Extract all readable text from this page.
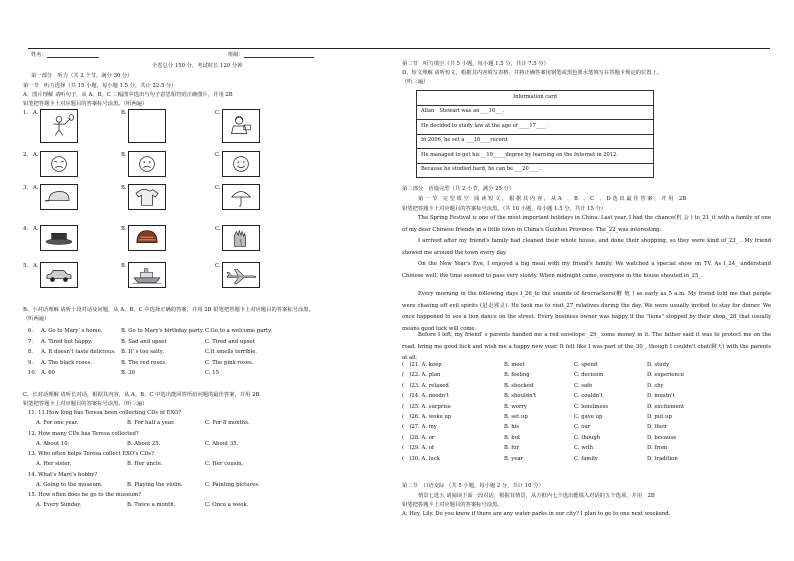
姓名：	班级：
全卷总分 150 分，考试时长 120 分钟
第一部分　听力（共 2 个节，满分 30 分）
第一节　听力选择（共 15 小题，每小题 1.5 分，共计 22.5 分）
A、图片理解 请听句子，从 A、B、C 三幅图中选出与句子意思相符的正确图片，并用 2B
铅笔把答题卡上对应题目的答案标号涂黑。（听两遍）
1. A.	B.	C.
2. A.	B.	C.
3. A.	B.	C.
4. A.	B.	C.
5. A.	B.	C.
B、小对话理解 请听十段对话及问题，从 A、B、C 中选择正确的答案，并用 2B 铅笔把答题卡上对应题目的答案标号涂黑。
（听两遍）
6. A. Go to Mary' s home.	B. Go to Mary's birthday party. C.Go to a welcome party.
7. A. Tired but happy.	B. Sad and upset	C. Tired and upset
8. A. It doesn't taste delicious. B. It' s too salty.	C.It smells terrible.
9. A. The black roses.	B. The red roses.	C. The pink roses.
10. A. 60	B. 30	C. 15
C、长对话理解 请听长对话，根据其内容，从 A、B、C 中选出能回答所给问题的最佳答案，并用 2B
铅笔把答题卡上对应题目的答案标号涂黑。（听三遍）
11. 11.How long has Teresa been collecting CDs of EXO?
A. For one year.	B. For half a year.	C. For 8 months.
12. How many CDs has Teresa collected?
A. About 10.	B. About 25.	C. About 35.
13. Who often helps Teresa collect EXO's CDs?
A. Her sister.	B. Her uncle.	C. Her cousin.
14. What's Marc's hobby?
A. Going to the museum.	B. Playing the violin.	C. Painting pictures.
15. How often does he go to the museum?
A. Every Sunday.	B. Twice a month.	C. Once a week.
第二节　听力填空（共 5 小题，每小题 1.5 分，共计 7.5 分）
D、短文理解 请听短文，根据其内容填写表格，并将正确答案用钢笔或黑色墨水笔填写在答题卡规定的位置上。
（听三遍）
Information card
Allan　Stewart was an ___16___.
He decided to study law at the age of ____17____.
In 2006, he set a ___18____record
He managed to get his __19_____degree by learning on the Internet in 2012.
Because he studied hard, he can be ___20____.
第二部分　语篇完型（共 2 小节，满分 25 分）
第 一 节　完 型 填 空　阅 读 短 文 ， 根 据 其 内 容 ， 从 A　、 B　、 C　、 D 选 出 最 佳 答 案 ， 并 用　2B
铅笔把答题卡上对应题目的答案标号涂黑。（共 10 小题，每小题 1.5 分，共计 15 分）
The Spring Festival is one of the most important holidays in China. Last year, I had the chance(机 会 ) to_21_it with a family of one of my dear Chinese friends in a little town in China's Guizhou Province. The_22_was interesting.
I arrived after my friend's family had cleaned their whole house, and done their shopping, so they were kind of_23_ . My friend showed me around the town every day.
On the New Year's Eve, I enjoyed a big meal with my friend's family. We watched a special show on TV. As I_24_ understand Chinese well, the time seemed to pass very slowly. When midnight came, everyone in the house shouted in_25_.
Every morning in the following days I_26_to the sounds of firecrackers(鞭 炮 ) as early as 5 a.m. My friend told me that people were chasing off evil spirits (赶走邪灵). He took me to visit_27_relatives during the day. We were usually invited to stay for dinner. We once happened to see a lion dance on the street. Every business owner was happy if the "lions" stopped by their shop,_28_that usually means good luck will come.
Before I left, my friend' s parents handed me a red envelope _29_ some money in it. The father said it was to protect me on the road, bring me good luck and wish me a happy new year. It felt like I was part of the_30_, though I couldn't chat(聊天) with the parents at all.
(　)21. A. keep	B. meet	C. spend	D. study
(　)22. A. plan	B. feeling	C. decision	D. experience
(　)23. A. relaxed	B. shocked	C. safe	D. shy
(　)24. A. needn't	B. shouldn't	C. couldn't	D. mustn't
(　)25. A. surprise	B. worry	C. loneliness	D. excitement
(　)26. A. woke up	B. set up	C. gave up	D. put up
(　)27. A. my	B. his	C. our	D. their
(　)28. A. or	B. but	C. though	D. because
(　)29. A. of	B. for	C. with	D. from
(　)30. A. luck	B. year	C. family	D. tradition
第二节　口语交际 （共 5 小题，每小题 2 分，共计 10 分）
情景七选五 请阅读下面一段对话，根据其情景，从方框内七个选出能填入对话的五个选项，并用　2B
铅笔把答题卡上对应题目的答案标号涂黑。
A: Hey, Lily. Do you know if there are any water parks in our city? I plan to go to one next weekend.
